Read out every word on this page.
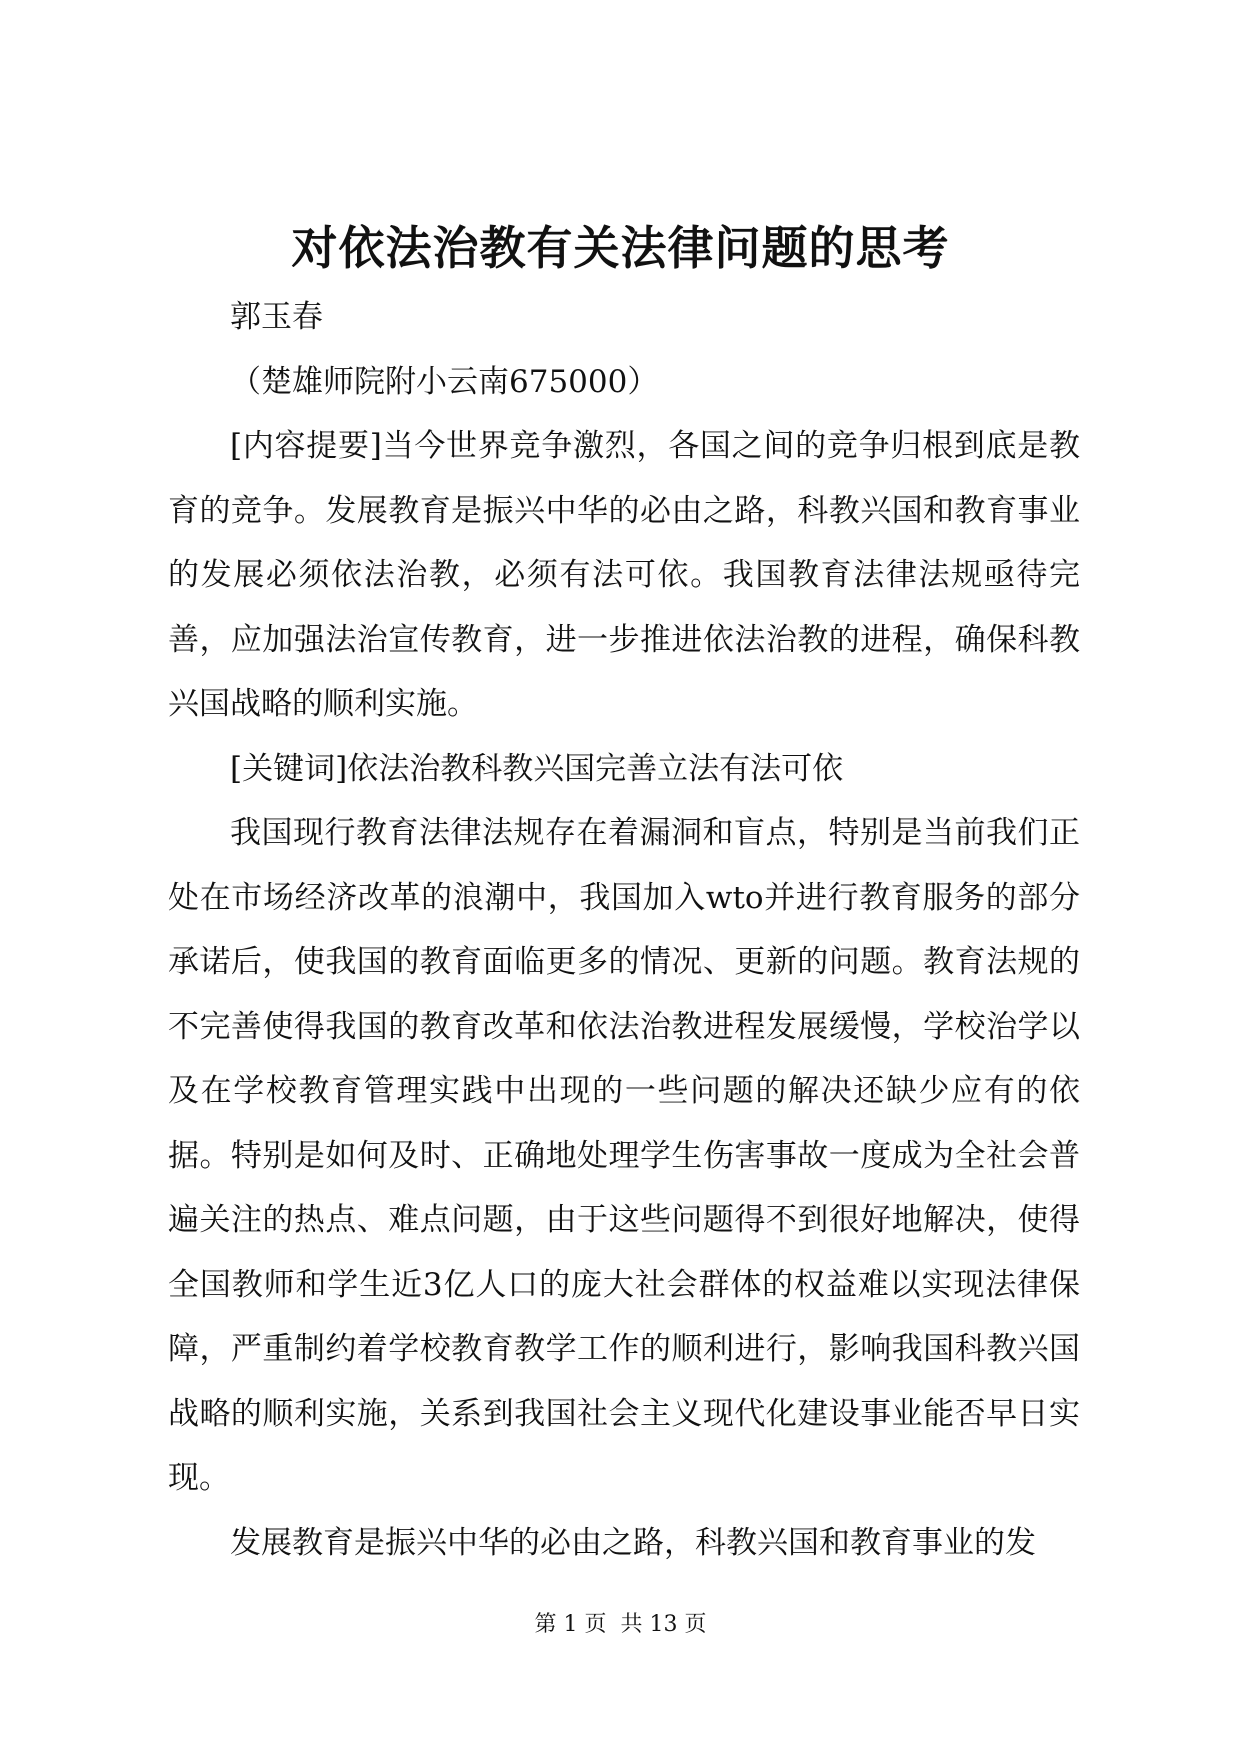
对依法治教有关法律问题的思考

郭玉春

（楚雄师院附小云南675000）

[内容提要]当今世界竞争激烈，各国之间的竞争归根到底是教育的竞争。发展教育是振兴中华的必由之路，科教兴国和教育事业的发展必须依法治教，必须有法可依。我国教育法律法规亟待完善，应加强法治宣传教育，进一步推进依法治教的进程，确保科教兴国战略的顺利实施。

[关键词]依法治教科教兴国完善立法有法可依

我国现行教育法律法规存在着漏洞和盲点，特别是当前我们正处在市场经济改革的浪潮中，我国加入wto并进行教育服务的部分承诺后，使我国的教育面临更多的情况、更新的问题。教育法规的不完善使得我国的教育改革和依法治教进程发展缓慢，学校治学以及在学校教育管理实践中出现的一些问题的解决还缺少应有的依据。特别是如何及时、正确地处理学生伤害事故一度成为全社会普遍关注的热点、难点问题，由于这些问题得不到很好地解决，使得全国教师和学生近3亿人口的庞大社会群体的权益难以实现法律保障，严重制约着学校教育教学工作的顺利进行，影响我国科教兴国战略的顺利实施，关系到我国社会主义现代化建设事业能否早日实现。

发展教育是振兴中华的必由之路，科教兴国和教育事业的发

第 1 页  共 13 页
